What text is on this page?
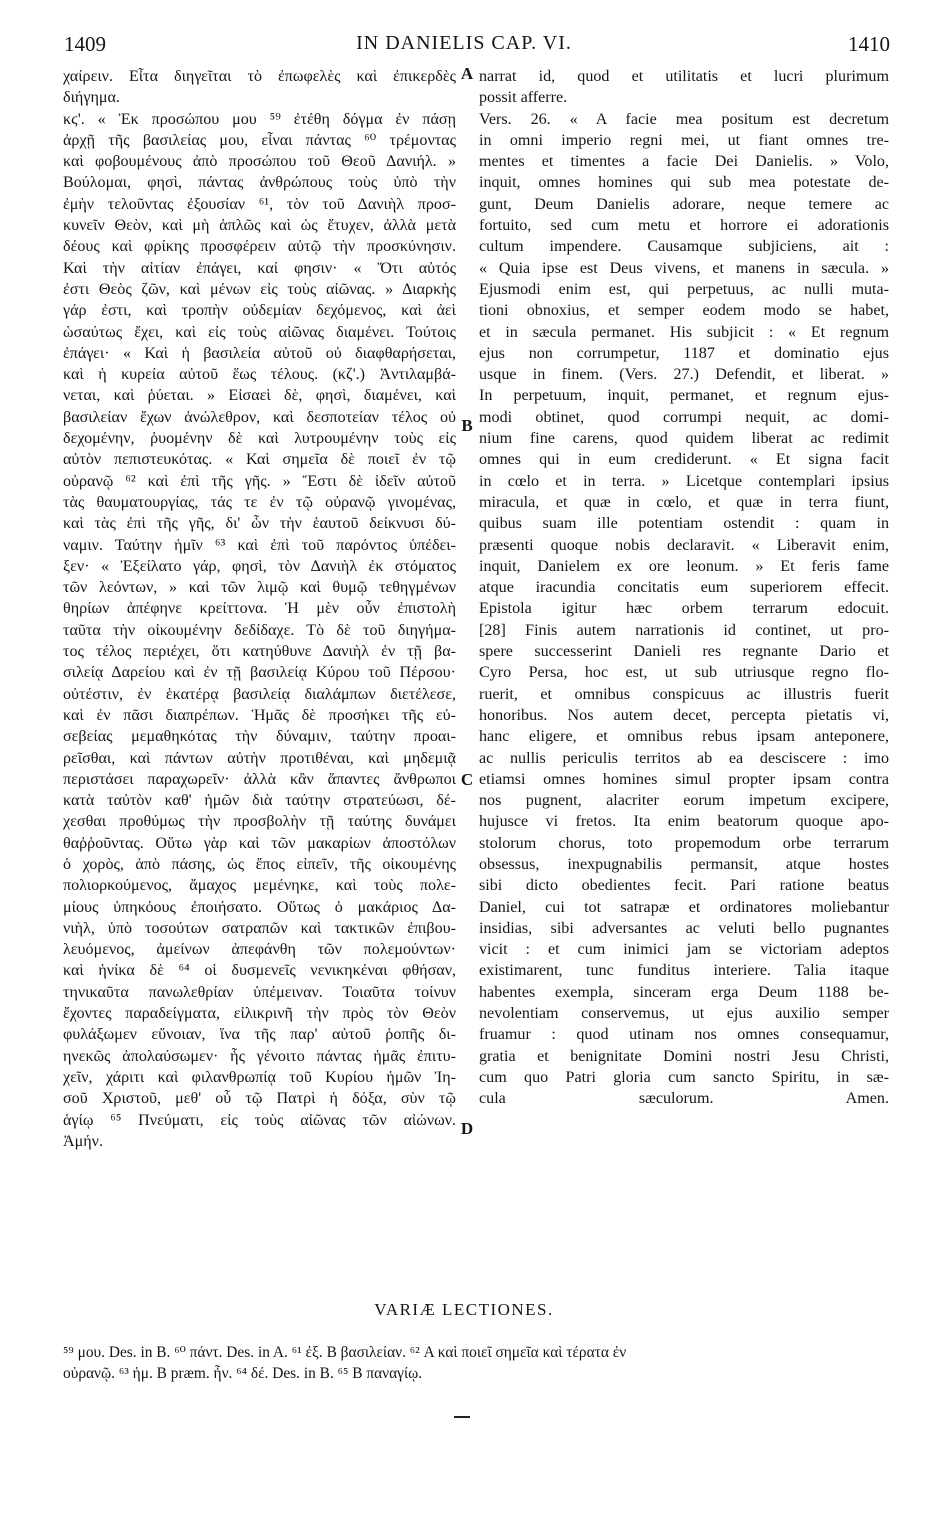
1409	IN DANIELIS CAP. VI.	1410
χαίρειν. Εἶτα διηγεῖται τὸ ἐπωφελὲς καὶ ἐπικερδὲς
διήγημα.
κϛ'. « Ἐκ προσώπου μου ⁵⁹ ἐτέθη δόγμα ἐν πάσῃ
ἀρχῇ τῆς βασιλείας μου, εἶναι πάντας ⁶⁰ τρέμοντας
καὶ φοβουμένους ἀπὸ προσώπου τοῦ Θεοῦ Δανιήλ. »
Βούλομαι, φησὶ, πάντας ἀνθρώπους τοὺς ὑπὸ τὴν
ἐμὴν τελοῦντας ἐξουσίαν ⁶¹, τὸν τοῦ Δανιὴλ προσ-
κυνεῖν Θεὸν, καὶ μὴ ἁπλῶς καὶ ὡς ἔτυχεν, ἀλλὰ μετὰ
δέους καὶ φρίκης προσφέρειν αὐτῷ τὴν προσκύνησιν.
Καὶ τὴν αἰτίαν ἐπάγει, καί φησιν· « Ὅτι αὐτός
ἐστι Θεὸς ζῶν, καὶ μένων εἰς τοὺς αἰῶνας. » Διαρκὴς
γάρ ἐστι, καὶ τροπὴν οὐδεμίαν δεχόμενος, καὶ ἀεὶ
ὡσαύτως ἔχει, καὶ εἰς τοὺς αἰῶνας διαμένει. Τούτοις
ἐπάγει· « Καὶ ἡ βασιλεία αὐτοῦ οὐ διαφθαρήσεται,
καὶ ἡ κυρεία αὐτοῦ ἕως τέλους. (κζ'.) Ἀντιλαμβά-
νεται, καὶ ῥύεται. » Εἰσαεὶ δὲ, φησὶ, διαμένει, καὶ
βασιλείαν ἔχων ἀνώλεθρον, καὶ δεσποτείαν τέλος οὐ
δεχομένην, ῥυομένην δὲ καὶ λυτρουμένην τοὺς εἰς
αὐτὸν πεπιστευκότας. « Καὶ σημεῖα δὲ ποιεῖ ἐν τῷ
οὐρανῷ ⁶² καὶ ἐπὶ τῆς γῆς. » Ἔστι δὲ ἰδεῖν αὐτοῦ
τὰς θαυματουργίας, τάς τε ἐν τῷ οὐρανῷ γινομένας,
καὶ τὰς ἐπὶ τῆς γῆς, δι' ὧν τὴν ἑαυτοῦ δείκνυσι δύ-
ναμιν. Ταύτην ἡμῖν ⁶³ καὶ ἐπὶ τοῦ παρόντος ὑπέδει-
ξεν· « Ἐξείλατο γάρ, φησὶ, τὸν Δανιὴλ ἐκ στόματος
τῶν λεόντων, » καὶ τῶν λιμῷ καὶ θυμῷ τεθηγμένων
θηρίων ἀπέφηνε κρείττονα. Ἡ μὲν οὖν ἐπιστολὴ
ταῦτα τὴν οἰκουμένην δεδίδαχε. Τὸ δὲ τοῦ διηγήμα-
τος τέλος περιέχει, ὅτι κατηύθυνε Δανιὴλ ἐν τῇ βα-
σιλείᾳ Δαρείου καὶ ἐν τῇ βασιλείᾳ Κύρου τοῦ Πέρσου·
οὐτέστιν, ἐν ἑκατέρᾳ βασιλείᾳ διαλάμπων διετέλεσε,
καὶ ἐν πᾶσι διαπρέπων. Ἡμᾶς δὲ προσήκει τῆς εὐ-
σεβείας μεμαθηκότας τὴν δύναμιν, ταύτην προαι-
ρεῖσθαι, καὶ πάντων αὐτὴν προτιθέναι, καὶ μηδεμιᾷ
περιστάσει παραχωρεῖν· ἀλλὰ κἂν ἅπαντες ἄνθρωποι
κατὰ ταὐτὸν καθ' ἡμῶν διὰ ταύτην στρατεύωσι, δέ-
χεσθαι προθύμως τὴν προσβολὴν τῇ ταύτης δυνάμει
θαῤῥοῦντας. Οὕτω γὰρ καὶ τῶν μακαρίων ἀποστόλων
ὁ χορὸς, ἁπὸ πάσης, ὡς ἔπος εἰπεῖν, τῆς οἰκουμένης
πολιορκούμενος, ἄμαχος μεμένηκε, καὶ τοὺς πολε-
μίους ὑπηκόους ἐποιήσατο. Οὕτως ὁ μακάριος Δα-
νιὴλ, ὑπὸ τοσούτων σατραπῶν καὶ τακτικῶν ἐπιβου-
λευόμενος, ἀμείνων ἀπεφάνθη τῶν πολεμούντων·
καὶ ἡνίκα δὲ ⁶⁴ οἱ δυσμενεῖς νενικηκέναι φθήσαν,
τηνικαῦτα πανωλεθρίαν ὑπέμειναν. Τοιαῦτα τοίνυν
ἔχοντες παραδείγματα, εἰλικρινῆ τὴν πρὸς τὸν Θεὸν
φυλάξωμεν εὔνοιαν, ἵνα τῆς παρ' αὐτοῦ ῥοπῆς δι-
ηνεκῶς ἀπολαύσωμεν· ἧς γένοιτο πάντας ἡμᾶς ἐπιτυ-
χεῖν, χάριτι καὶ φιλανθρωπίᾳ τοῦ Κυρίου ἡμῶν Ἰη-
σοῦ Χριστοῦ, μεθ' οὗ τῷ Πατρὶ ἡ δόξα, σὺν τῷ
ἁγίῳ ⁶⁵ Πνεύματι, εἰς τοὺς αἰῶνας τῶν αἰώνων.
Ἀμήν.
narrat id, quod et utilitatis et lucri plurimum
possit afferre.
Vers. 26. « A facie mea positum est decretum
in omni imperio regni mei, ut fiant omnes tre-
mentes et timentes a facie Dei Danielis. » Volo,
inquit, omnes homines qui sub mea potestate de-
gunt, Deum Danielis adorare, neque temere ac
fortuito, sed cum metu et horrore ei adorationis
cultum impendere. Causamque subjiciens, ait :
« Quia ipse est Deus vivens, et manens in sæcula. »
Ejusmodi enim est, qui perpetuus, ac nulli muta-
tioni obnoxius, et semper eodem modo se habet,
et in sæcula permanet. His subjicit : « Et regnum
ejus non corrumpetur, 1187 et dominatio ejus
usque in finem. (Vers. 27.) Defendit, et liberat. »
In perpetuum, inquit, permanet, et regnum ejus-
modi obtinet, quod corrumpi nequit, ac domi-
nium fine carens, quod quidem liberat ac redimit
omnes qui in eum crediderunt. « Et signa facit
in cœlo et in terra. » Licetque contemplari ipsius
miracula, et quæ in cœlo, et quæ in terra fiunt,
quibus suam ille potentiam ostendit : quam in
præsenti quoque nobis declaravit. « Liberavit enim,
inquit, Danielem ex ore leonum. » Et feris fame
atque iracundia concitatis eum superiorem effecit.
Epistola igitur hæc orbem terrarum edocuit.
[28] Finis autem narrationis id continet, ut pro-
spere successerint Danieli res regnante Dario et
Cyro Persa, hoc est, ut sub utriusque regno flo-
ruerit, et omnibus conspicuus ac illustris fuerit
honoribus. Nos autem decet, percepta pietatis vi,
hanc eligere, et omnibus rebus ipsam anteponere,
ac nullis periculis territos ab ea desciscere : imo
etiamsi omnes homines simul propter ipsam contra
nos pugnent, alacriter eorum impetum excipere,
hujusce vi fretos. Ita enim beatorum quoque apo-
stolorum chorus, toto propemodum orbe terrarum
obsessus, inexpugnabilis permansit, atque hostes
sibi dicto obedientes fecit. Pari ratione beatus
Daniel, cui tot satrapæ et ordinatores moliebantur
insidias, sibi adversantes ac veluti bello pugnantes
vicit : et cum inimici jam se victoriam adeptos
existimarent, tunc funditus interiere. Talia itaque
habentes exempla, sinceram erga Deum 1188 be-
nevolentiam conservemus, ut ejus auxilio semper
fruamur : quod utinam nos omnes consequamur,
gratia et benignitate Domini nostri Jesu Christi,
cum quo Patri gloria cum sancto Spiritu, in sæ-
cula sæculorum. Amen.
A
B
C
D
VARIÆ LECTIONES.
⁵⁹ μου. Des. in B. ⁶⁰ πάντ. Des. in A. ⁶¹ ἐξ. B βασιλείαν. ⁶² A καὶ ποιεῖ σημεῖα καὶ τέρατα ἐν
οὐρανῷ. ⁶³ ἡμ. B præm. ἦν. ⁶⁴ δέ. Des. in B. ⁶⁵ B παναγίῳ.
